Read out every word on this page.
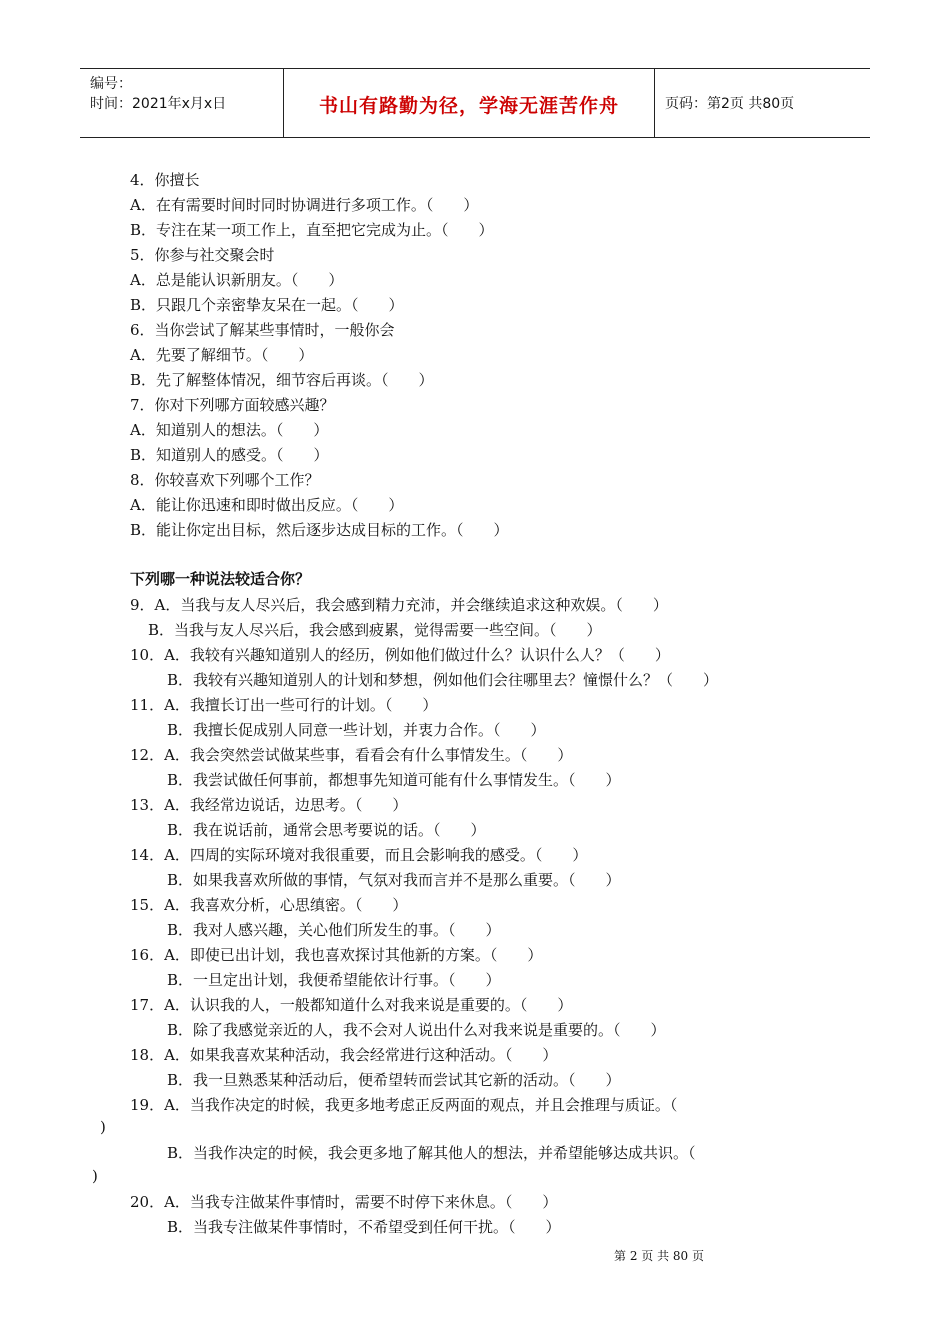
编号：
时间：2021年x月x日	书山有路勤为径，学海无涯苦作舟	页码：第2页 共80页
4．你擅长
A．在有需要时间时同时协调进行多项工作。（　　）
B．专注在某一项工作上，直至把它完成为止。（　　）
5．你参与社交聚会时
A．总是能认识新朋友。（　　）
B．只跟几个亲密挚友呆在一起。（　　）
6．当你尝试了解某些事情时，一般你会
A．先要了解细节。（　　）
B．先了解整体情况，细节容后再谈。（　　）
7．你对下列哪方面较感兴趣？
A．知道别人的想法。（　　）
B．知道别人的感受。（　　）
8．你较喜欢下列哪个工作？
A．能让你迅速和即时做出反应。（　　）
B．能让你定出目标，然后逐步达成目标的工作。（　　）
下列哪一种说法较适合你？
9．A．当我与友人尽兴后，我会感到精力充沛，并会继续追求这种欢娱。（　　）
B．当我与友人尽兴后，我会感到疲累，觉得需要一些空间。（　　）
10．A．我较有兴趣知道别人的经历，例如他们做过什么？认识什么人？（　　）
B．我较有兴趣知道别人的计划和梦想，例如他们会往哪里去？憧憬什么？（　　）
11．A．我擅长订出一些可行的计划。（　　）
B．我擅长促成别人同意一些计划，并衷力合作。（　　）
12．A．我会突然尝试做某些事，看看会有什么事情发生。（　　）
B．我尝试做任何事前，都想事先知道可能有什么事情发生。（　　）
13．A．我经常边说话，边思考。（　　）
B．我在说话前，通常会思考要说的话。（　　）
14．A．四周的实际环境对我很重要，而且会影响我的感受。（　　）
B．如果我喜欢所做的事情，气氛对我而言并不是那么重要。（　　）
15．A．我喜欢分析，心思缜密。（　　）
B．我对人感兴趣，关心他们所发生的事。（　　）
16．A．即使已出计划，我也喜欢探讨其他新的方案。（　　）
B．一旦定出计划，我便希望能依计行事。（　　）
17．A．认识我的人，一般都知道什么对我来说是重要的。（　　）
B．除了我感觉亲近的人，我不会对人说出什么对我来说是重要的。（　　）
18．A．如果我喜欢某种活动，我会经常进行这种活动。（　　）
B．我一旦熟悉某种活动后，便希望转而尝试其它新的活动。（　　）
19．A．当我作决定的时候，我更多地考虑正反两面的观点，并且会推理与质证。（
)
B．当我作决定的时候，我会更多地了解其他人的想法，并希望能够达成共识。（
)
20．A．当我专注做某件事情时，需要不时停下来休息。（　　）
B．当我专注做某件事情时，不希望受到任何干扰。（　　）
第 2 页 共 80 页
